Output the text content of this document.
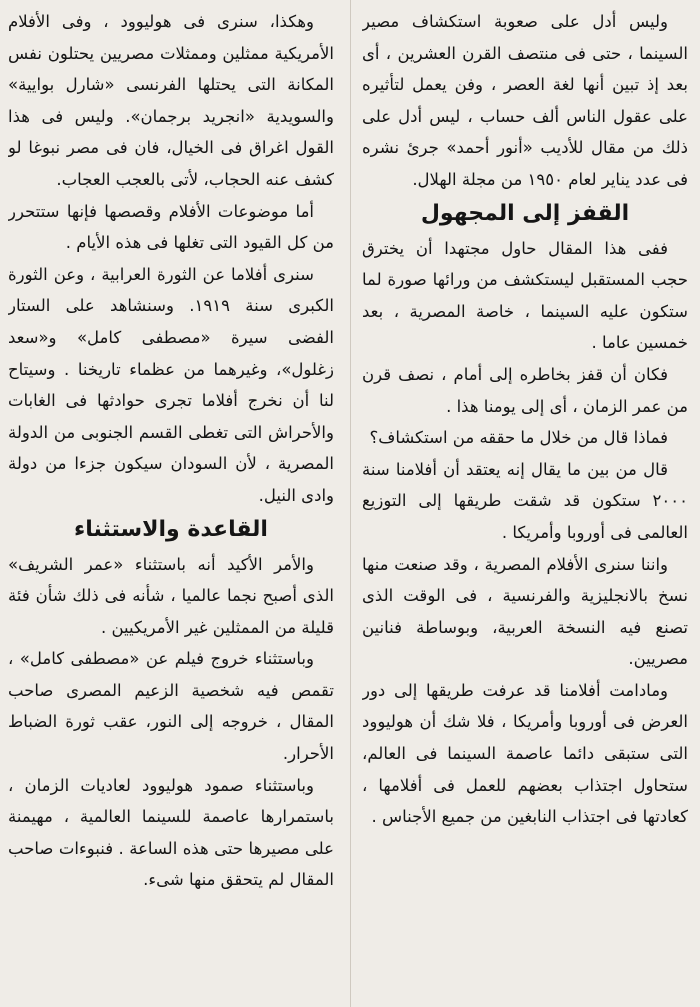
وليس أدل على صعوبة استكشاف مصير السينما ، حتى فى منتصف القرن العشرين ، أى بعد إذ تبين أنها لغة العصر ، وفن يعمل لتأثيره على عقول الناس ألف حساب ، ليس أدل على ذلك من مقال للأديب «أنور أحمد» جرئ نشره فى عدد يناير لعام ١٩٥٠ من مجلة الهلال.

القفز إلى المجهول

ففى هذا المقال حاول مجتهدا أن يخترق حجب المستقبل ليستكشف من ورائها صورة لما ستكون عليه السينما ، خاصة المصرية ، بعد خمسين عاما .

فكان أن قفز بخاطره إلى أمام ، نصف قرن من عمر الزمان ، أى إلى يومنا هذا .

فماذا قال من خلال ما حققه من استكشاف؟

قال من بين ما يقال إنه يعتقد أن أفلامنا سنة ٢٠٠٠ ستكون قد شقت طريقها إلى التوزيع العالمى فى أوروبا وأمريكا .

واننا سنرى الأفلام المصرية ، وقد صنعت منها نسخ بالانجليزية والفرنسية ، فى الوقت الذى تصنع فيه النسخة العربية، وبوساطة فنانين مصريين.

ومادامت أفلامنا قد عرفت طريقها إلى دور العرض فى أوروبا وأمريكا ، فلا شك أن هوليوود التى ستبقى دائما عاصمة السينما فى العالم، ستحاول اجتذاب بعضهم للعمل فى أفلامها ، كعادتها فى اجتذاب النابغين من جميع الأجناس .

وهكذا، سنرى فى هوليوود ، وفى الأفلام الأمريكية ممثلين وممثلات مصريين يحتلون نفس المكانة التى يحتلها الفرنسى «شارل بوايية» والسويدية «انجريد برجمان». وليس فى هذا القول اغراق فى الخيال، فان فى مصر نبوغا لو كشف عنه الحجاب، لأتى بالعجب العجاب.

أما موضوعات الأفلام وقصصها فإنها ستتحرر من كل القيود التى تغلها فى هذه الأيام .

سنرى أفلاما عن الثورة العرابية ، وعن الثورة الكبرى سنة ١٩١٩. وسنشاهد على الستار الفضى سيرة «مصطفى كامل» و«سعد زغلول»، وغيرهما من عظماء تاريخنا . وسيتاح لنا أن نخرج أفلاما تجرى حوادثها فى الغابات والأحراش التى تغطى القسم الجنوبى من الدولة المصرية ، لأن السودان سيكون جزءا من دولة وادى النيل.

القاعدة والاستثناء

والأمر الأكيد أنه باستثناء «عمر الشريف» الذى أصبح نجما عالميا ، شأنه فى ذلك شأن فئة قليلة من الممثلين غير الأمريكيين .

وباستثناء خروج فيلم عن «مصطفى كامل» ، تقمص فيه شخصية الزعيم المصرى صاحب المقال ، خروجه إلى النور، عقب ثورة الضباط الأحرار.

وباستثناء صمود هوليوود لعاديات الزمان ، باستمرارها عاصمة للسينما العالمية ، مهيمنة على مصيرها حتى هذه الساعة . فنبوءات صاحب المقال لم يتحقق منها شىء.
